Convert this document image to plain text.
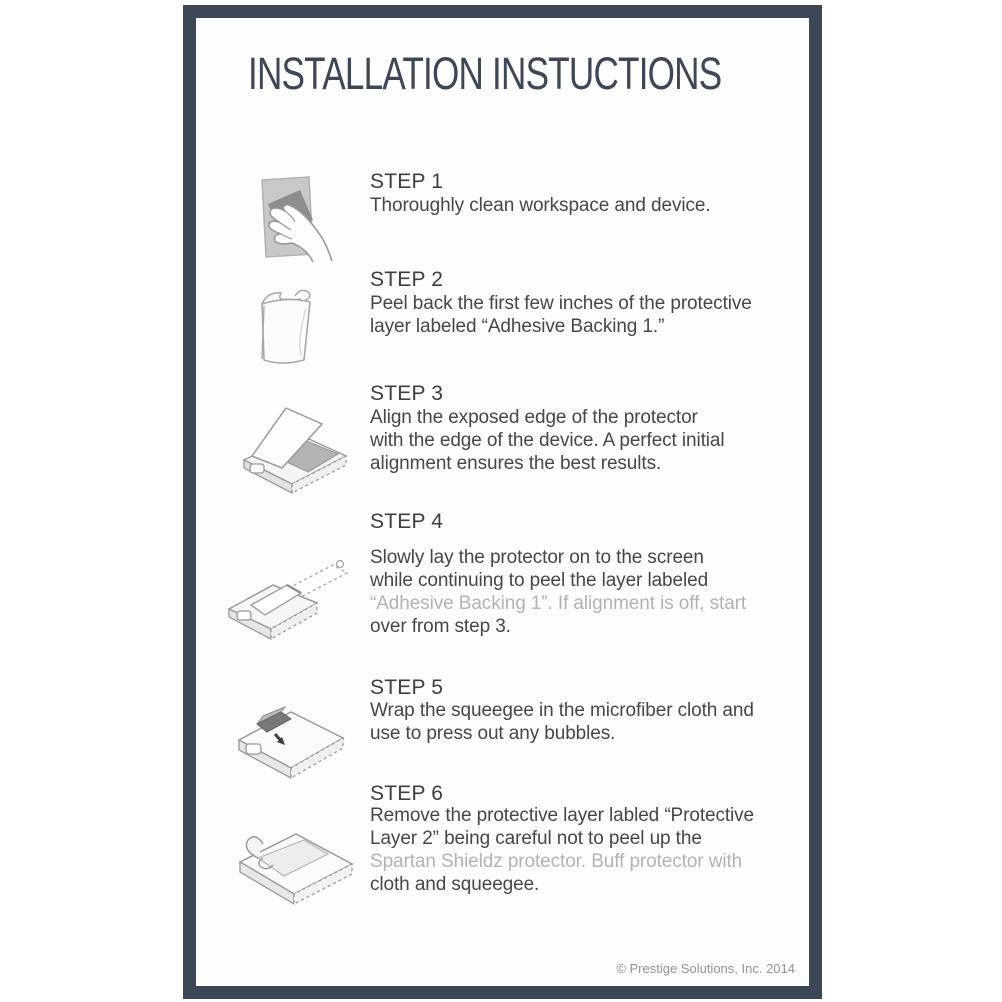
INSTALLATION INSTUCTIONS
STEP 1
Thoroughly clean workspace and device.
STEP 2
Peel back the first few inches of the protective
layer labeled “Adhesive Backing 1.”
STEP 3
Align the exposed edge of the protector
with the edge of the device. A perfect initial
alignment ensures the best results.
STEP 4
Slowly lay the protector on to the screen
while continuing to peel the layer labeled
“Adhesive Backing 1”. If alignment is off, start
over from step 3.
STEP 5
Wrap the squeegee in the microfiber cloth and
use to press out any bubbles.
STEP 6
Remove the protective layer labled “Protective
Layer 2” being careful not to peel up the
Spartan Shieldz protector. Buff protector with
cloth and squeegee.
© Prestige Solutions, Inc. 2014
